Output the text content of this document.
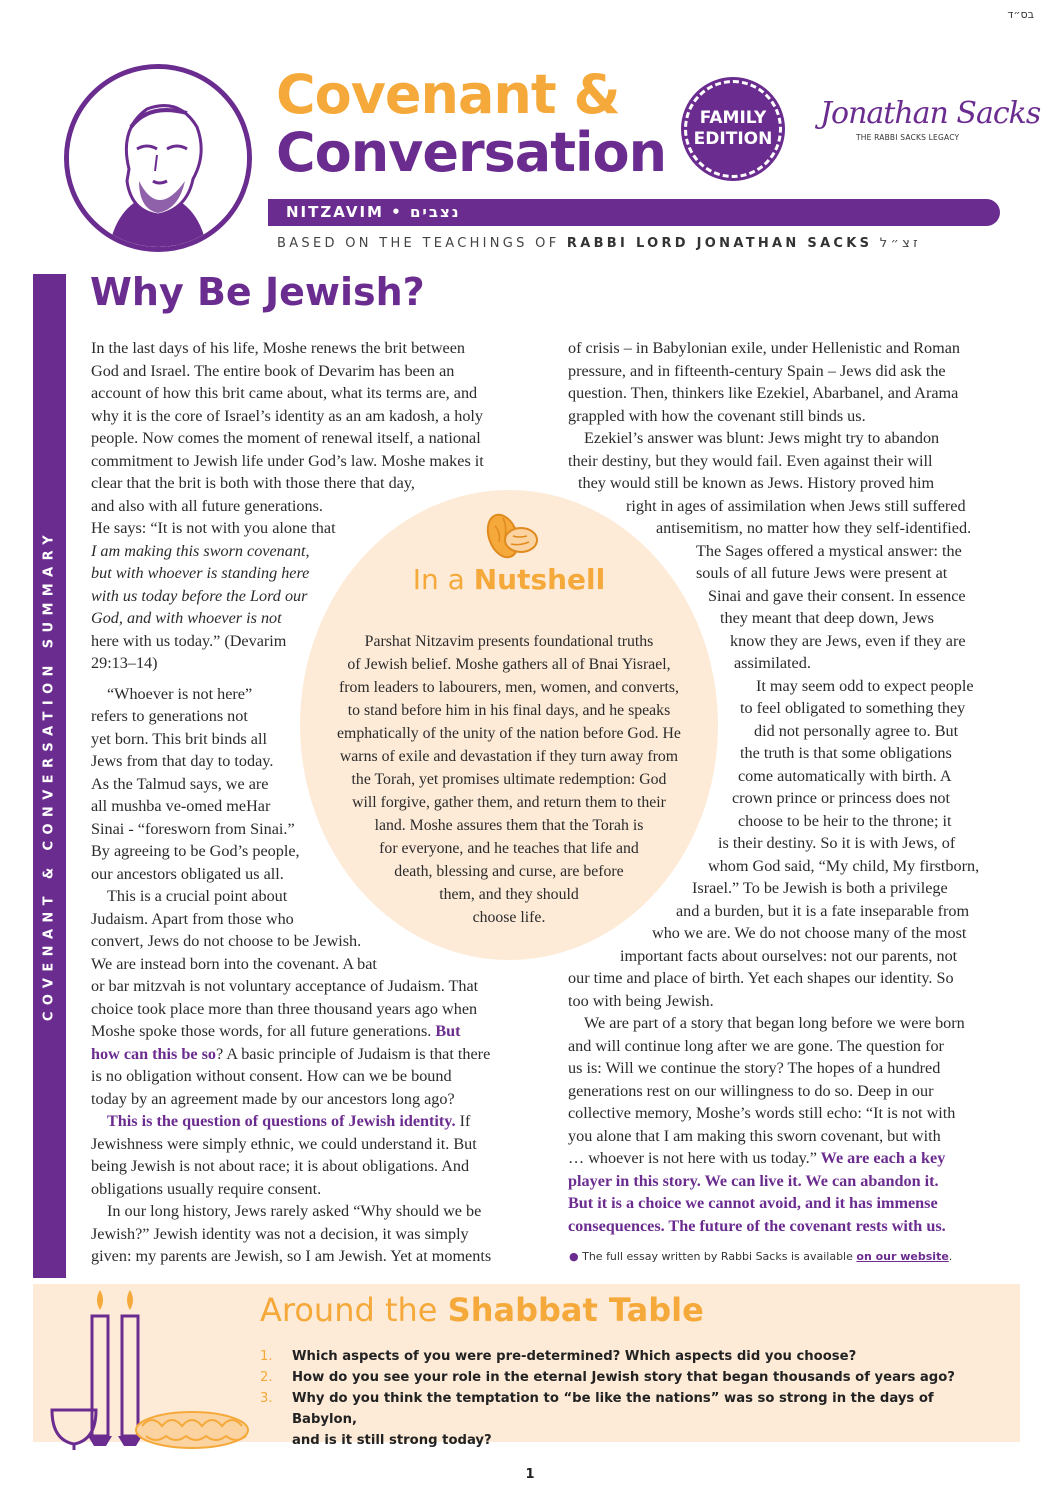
בס״ד
Covenant &
Conversation
FAMILY
EDITION
Jonathan Sacks
THE RABBI SACKS LEGACY
NITZAVIM • נצבים
BASED ON THE TEACHINGS OF RABBI LORD JONATHAN SACKS זצ״ל
COVENANT & CONVERSATION SUMMARY
Why Be Jewish?

In the last days of his life, Moshe renews the brit between

God and Israel. The entire book of Devarim has been an

account of how this brit came about, what its terms are, and

why it is the core of Israel’s identity as an am kadosh, a holy

people. Now comes the moment of renewal itself, a national

commitment to Jewish life under God’s law. Moshe makes it

clear that the brit is both with those there that day,

and also with all future generations.

He says: “It is not with you alone that

I am making this sworn covenant,

but with whoever is standing here

with us today before the Lord our

God, and with whoever is not

here with us today.” (Devarim

29:13–14)

“Whoever is not here”

refers to generations not

yet born. This brit binds all

Jews from that day to today.

As the Talmud says, we are

all mushba ve-omed meHar

Sinai - “foresworn from Sinai.”

By agreeing to be God’s people,

our ancestors obligated us all.

This is a crucial point about

Judaism. Apart from those who

convert, Jews do not choose to be Jewish.

We are instead born into the covenant. A bat

or bar mitzvah is not voluntary acceptance of Judaism. That

choice took place more than three thousand years ago when

Moshe spoke those words, for all future generations. But

how can this be so? A basic principle of Judaism is that there

is no obligation without consent. How can we be bound

today by an agreement made by our ancestors long ago?

This is the question of questions of Jewish identity. If

Jewishness were simply ethnic, we could understand it. But

being Jewish is not about race; it is about obligations. And

obligations usually require consent.

In our long history, Jews rarely asked “Why should we be

Jewish?” Jewish identity was not a decision, it was simply

given: my parents are Jewish, so I am Jewish. Yet at moments

of crisis – in Babylonian exile, under Hellenistic and Roman

pressure, and in fifteenth-century Spain – Jews did ask the

question. Then, thinkers like Ezekiel, Abarbanel, and Arama

grappled with how the covenant still binds us.

Ezekiel’s answer was blunt: Jews might try to abandon

their destiny, but they would fail. Even against their will

they would still be known as Jews. History proved him

right in ages of assimilation when Jews still suffered

antisemitism, no matter how they self-identified.

The Sages offered a mystical answer: the

souls of all future Jews were present at

Sinai and gave their consent. In essence

they meant that deep down, Jews

know they are Jews, even if they are

assimilated.

It may seem odd to expect people

to feel obligated to something they

did not personally agree to. But

the truth is that some obligations

come automatically with birth. A

crown prince or princess does not

choose to be heir to the throne; it

is their destiny. So it is with Jews, of

whom God said, “My child, My firstborn,

Israel.” To be Jewish is both a privilege

and a burden, but it is a fate inseparable from

who we are. We do not choose many of the most

important facts about ourselves: not our parents, not

our time and place of birth. Yet each shapes our identity. So

too with being Jewish.

We are part of a story that began long before we were born

and will continue long after we are gone. The question for

us is: Will we continue the story? The hopes of a hundred

generations rest on our willingness to do so. Deep in our

collective memory, Moshe’s words still echo: “It is not with

you alone that I am making this sworn covenant, but with

… whoever is not here with us today.” We are each a key

player in this story. We can live it. We can abandon it.

But it is a choice we cannot avoid, and it has immense

consequences. The future of the covenant rests with us.

In a Nutshell

Parshat Nitzavim presents foundational truths

of Jewish belief. Moshe gathers all of Bnai Yisrael,

from leaders to labourers, men, women, and converts,

to stand before him in his final days, and he speaks

emphatically of the unity of the nation before God. He

warns of exile and devastation if they turn away from

the Torah, yet promises ultimate redemption: God

will forgive, gather them, and return them to their

land. Moshe assures them that the Torah is

for everyone, and he teaches that life and

death, blessing and curse, are before

them, and they should

choose life.

● The full essay written by Rabbi Sacks is available on our website.
Around the Shabbat Table
1.	Which aspects of you were pre-determined? Which aspects did you choose?
2.	How do you see your role in the eternal Jewish story that began thousands of years ago?
3.	Why do you think the temptation to “be like the nations” was so strong in the days of Babylon,
and is it still strong today?
1
